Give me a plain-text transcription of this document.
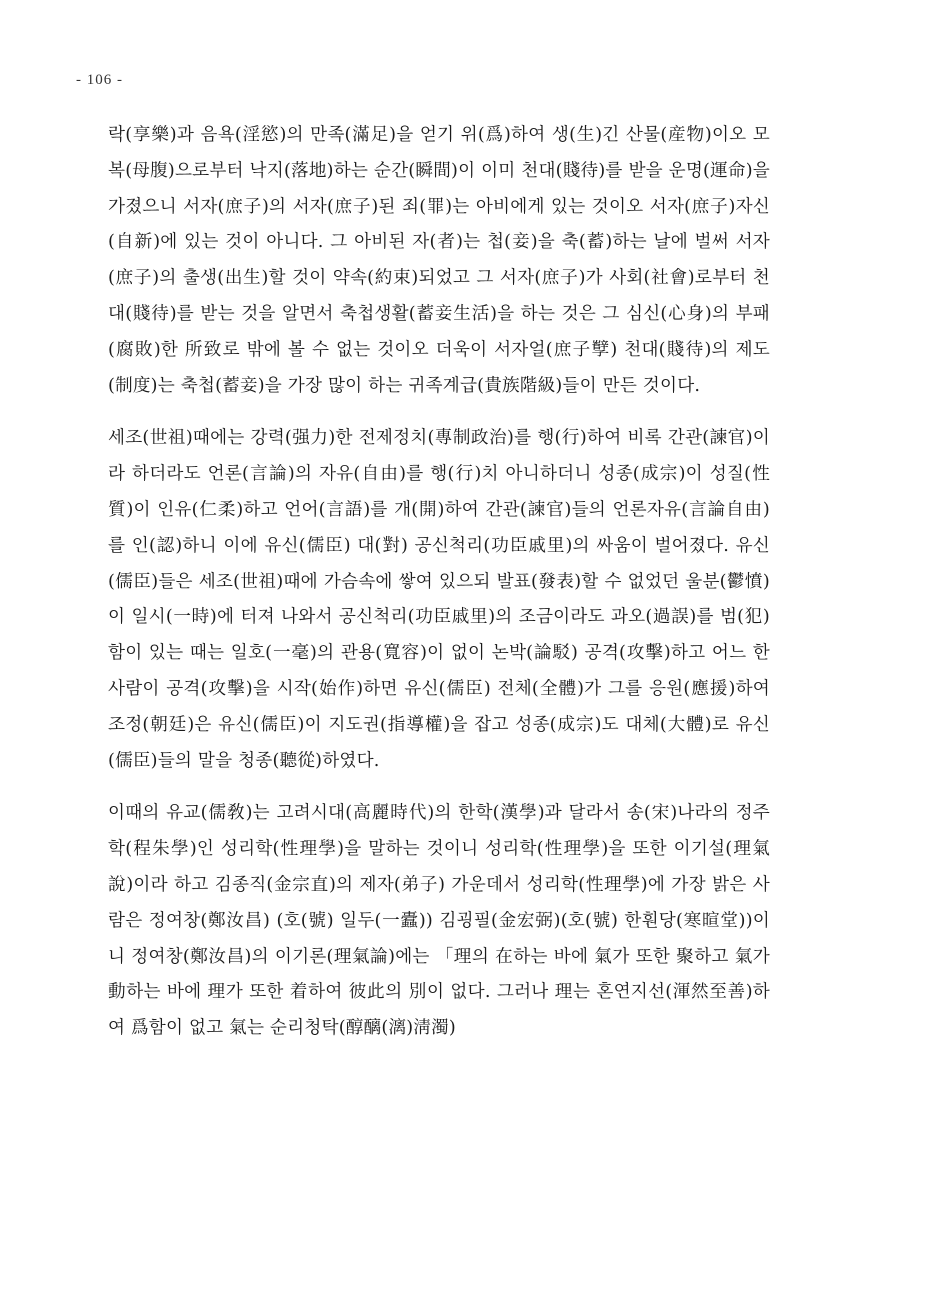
- 106 -

락(享樂)과 음욕(淫慾)의 만족(滿足)을 얻기 위(爲)하여 생(生)긴 산물(産物)이오 모복(母腹)으로부터 낙지(落地)하는 순간(瞬間)이 이미 천대(賤待)를 받을 운명(運命)을 가졌으니 서자(庶子)의 서자(庶子)된 죄(罪)는 아비에게 있는 것이오 서자(庶子)자신(自新)에 있는 것이 아니다. 그 아비된 자(者)는 첩(妾)을 축(蓄)하는 날에 벌써 서자(庶子)의 출생(出生)할 것이 약속(約束)되었고 그 서자(庶子)가 사회(社會)로부터 천대(賤待)를 받는 것을 알면서 축첩생활(蓄妾生活)을 하는 것은 그 심신(心身)의 부패(腐敗)한 所致로 밖에 볼 수 없는 것이오 더욱이 서자얼(庶子孼) 천대(賤待)의 제도(制度)는 축첩(蓄妾)을 가장 많이 하는 귀족계급(貴族階級)들이 만든 것이다.

세조(世祖)때에는 강력(强力)한 전제정치(專制政治)를 행(行)하여 비록 간관(諫官)이라 하더라도 언론(言論)의 자유(自由)를 행(行)치 아니하더니 성종(成宗)이 성질(性質)이 인유(仁柔)하고 언어(言語)를 개(開)하여 간관(諫官)들의 언론자유(言論自由)를 인(認)하니 이에 유신(儒臣) 대(對) 공신척리(功臣戚里)의 싸움이 벌어졌다. 유신(儒臣)들은 세조(世祖)때에 가슴속에 쌓여 있으되 발표(發表)할 수 없었던 울분(鬱憤)이 일시(一時)에 터져 나와서 공신척리(功臣戚里)의 조금이라도 과오(過誤)를 범(犯)함이 있는 때는 일호(一毫)의 관용(寬容)이 없이 논박(論駁) 공격(攻擊)하고 어느 한 사람이 공격(攻擊)을 시작(始作)하면 유신(儒臣) 전체(全體)가 그를 응원(應援)하여 조정(朝廷)은 유신(儒臣)이 지도권(指導權)을 잡고 성종(成宗)도 대체(大體)로 유신(儒臣)들의 말을 청종(聽從)하였다.

이때의 유교(儒敎)는 고려시대(高麗時代)의 한학(漢學)과 달라서 송(宋)나라의 정주학(程朱學)인 성리학(性理學)을 말하는 것이니 성리학(性理學)을 또한 이기설(理氣說)이라 하고 김종직(金宗直)의 제자(弟子) 가운데서 성리학(性理學)에 가장 밝은 사람은 정여창(鄭汝昌) (호(號) 일두(一蠹)) 김굉필(金宏弼)(호(號) 한훤당(寒暄堂))이니 정여창(鄭汝昌)의 이기론(理氣論)에는 「理의 在하는 바에 氣가 또한 聚하고 氣가 動하는 바에 理가 또한 着하여 彼此의 別이 없다. 그러나 理는 혼연지선(渾然至善)하여 爲함이 없고 氣는 순리청탁(醇醨(漓)淸濁)
